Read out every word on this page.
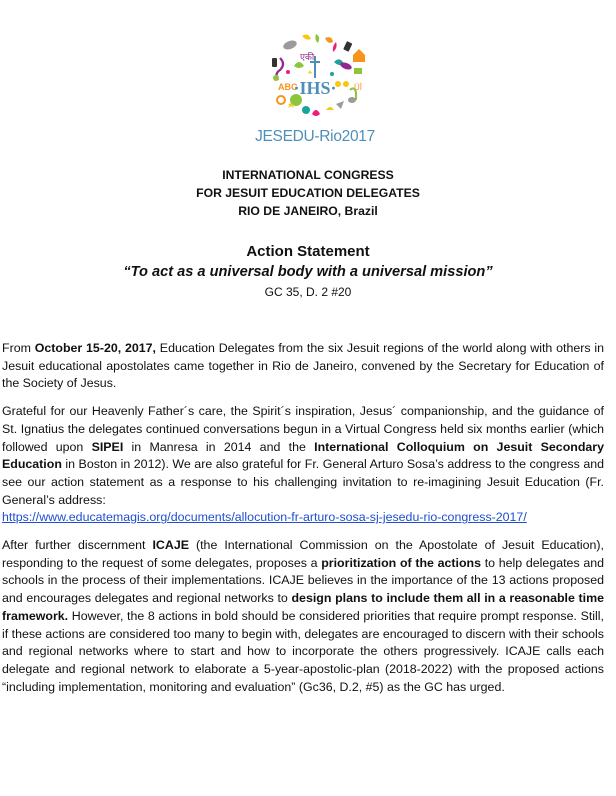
एकी
ABC	ÜÎ
·IHS·
JESEDU-Rio2017
INTERNATIONAL CONGRESS
FOR JESUIT EDUCATION DELEGATES
RIO DE JANEIRO, Brazil
Action Statement
“To act as a universal body with a universal mission”
GC 35, D. 2 #20

From October 15-20, 2017, Education Delegates from the six Jesuit regions of the world along with others in Jesuit educational apostolates came together in Rio de Janeiro, convened by the Secretary for Education of the Society of Jesus.

Grateful for our Heavenly Father´s care, the Spirit´s inspiration, Jesus´ companionship, and the guidance of St. Ignatius the delegates continued conversations begun in a Virtual Congress held six months earlier (which followed upon SIPEI in Manresa in 2014 and the International Colloquium on Jesuit Secondary Education in Boston in 2012). We are also grateful for Fr. General Arturo Sosa’s address to the congress and see our action statement as a response to his challenging invitation to re-imagining Jesuit Education (Fr. General’s address:
https://www.educatemagis.org/documents/allocution-fr-arturo-sosa-sj-jesedu-rio-congress-2017/

After further discernment ICAJE (the International Commission on the Apostolate of Jesuit Education), responding to the request of some delegates, proposes a prioritization of the actions to help delegates and schools in the process of their implementations. ICAJE believes in the importance of the 13 actions proposed and encourages delegates and regional networks to design plans to include them all in a reasonable time framework. However, the 8 actions in bold should be considered priorities that require prompt response. Still, if these actions are considered too many to begin with, delegates are encouraged to discern with their schools and regional networks where to start and how to incorporate the others progressively. ICAJE calls each delegate and regional network to elaborate a 5-year-apostolic-plan (2018-2022) with the proposed actions “including implementation, monitoring and evaluation” (Gc36, D.2, #5) as the GC has urged.
